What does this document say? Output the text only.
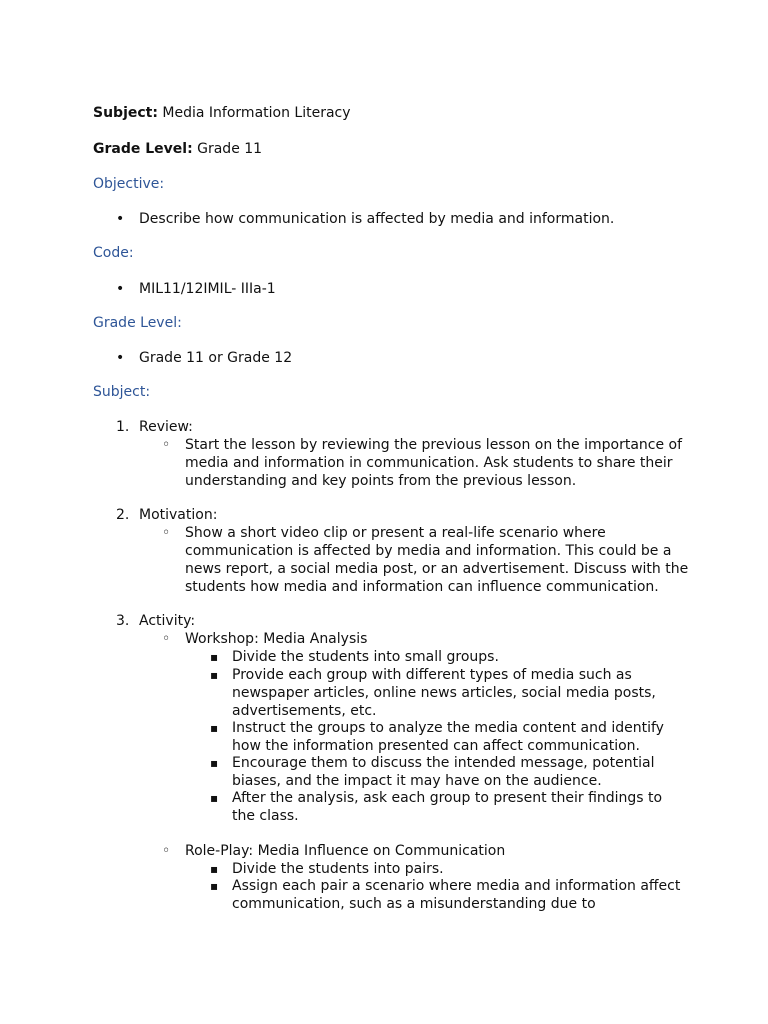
Subject: Media Information Literacy
Grade Level: Grade 11
Objective:
•
Describe how communication is affected by media and information.
Code:
•
MIL11/12IMIL- IIIa-1
Grade Level:
•
Grade 11 or Grade 12
Subject:
1. Review:
◦
Start the lesson by reviewing the previous lesson on the importance of
media and information in communication. Ask students to share their
understanding and key points from the previous lesson.
2. Motivation:
◦
Show a short video clip or present a real-life scenario where
communication is affected by media and information. This could be a
news report, a social media post, or an advertisement. Discuss with the
students how media and information can influence communication.
3. Activity:
◦
Workshop: Media Analysis
▪
Divide the students into small groups.
▪
Provide each group with different types of media such as
newspaper articles, online news articles, social media posts,
advertisements, etc.
▪
Instruct the groups to analyze the media content and identify
how the information presented can affect communication.
▪
Encourage them to discuss the intended message, potential
biases, and the impact it may have on the audience.
▪
After the analysis, ask each group to present their findings to
the class.
◦
Role-Play: Media Influence on Communication
▪
Divide the students into pairs.
▪
Assign each pair a scenario where media and information affect
communication, such as a misunderstanding due to
